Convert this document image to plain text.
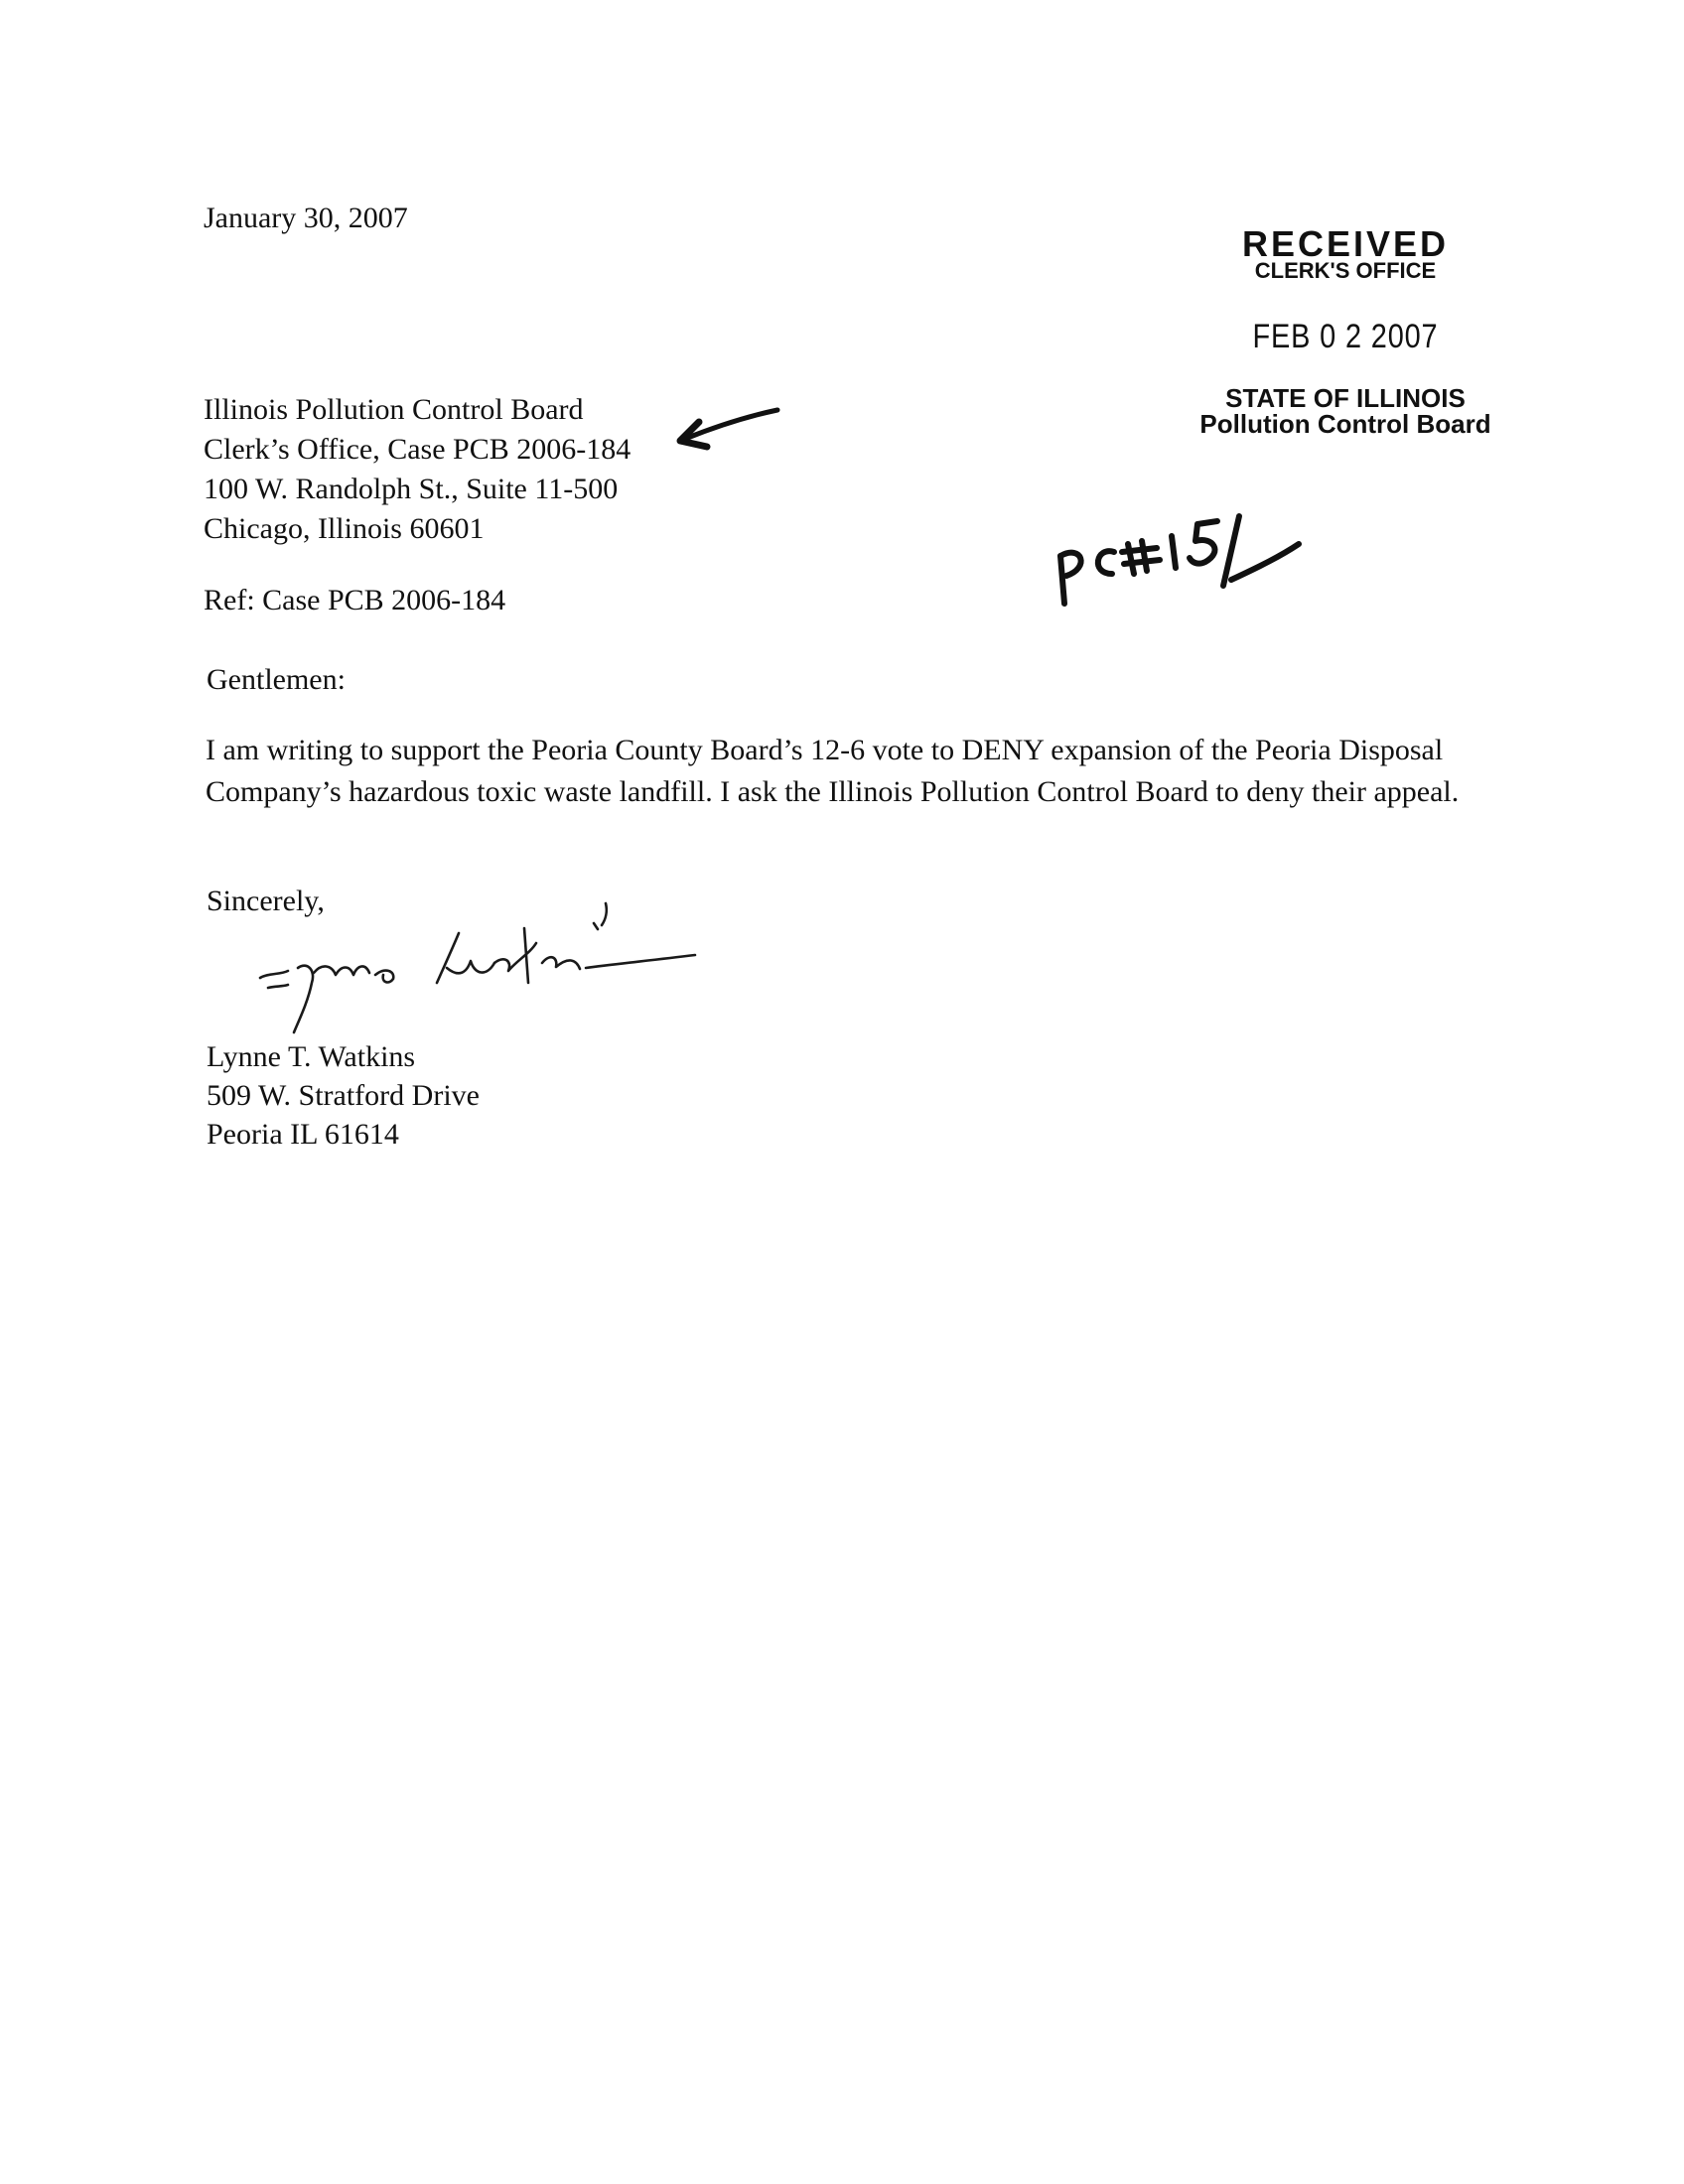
January 30, 2007
Illinois Pollution Control Board
Clerk’s Office, Case PCB 2006-184
100 W. Randolph St., Suite 11-500
Chicago, Illinois 60601
Ref: Case PCB 2006-184
Gentlemen:
I am writing to support the Peoria County Board’s 12-6 vote to DENY expansion of the Peoria Disposal Company’s hazardous toxic waste landfill. I ask the Illinois Pollution Control Board to deny their appeal.
Sincerely,
Lynne T. Watkins
509 W. Stratford Drive
Peoria IL 61614
RECEIVED
CLERK'S OFFICE
FEB 0 2 2007
STATE OF ILLINOIS
Pollution Control Board
